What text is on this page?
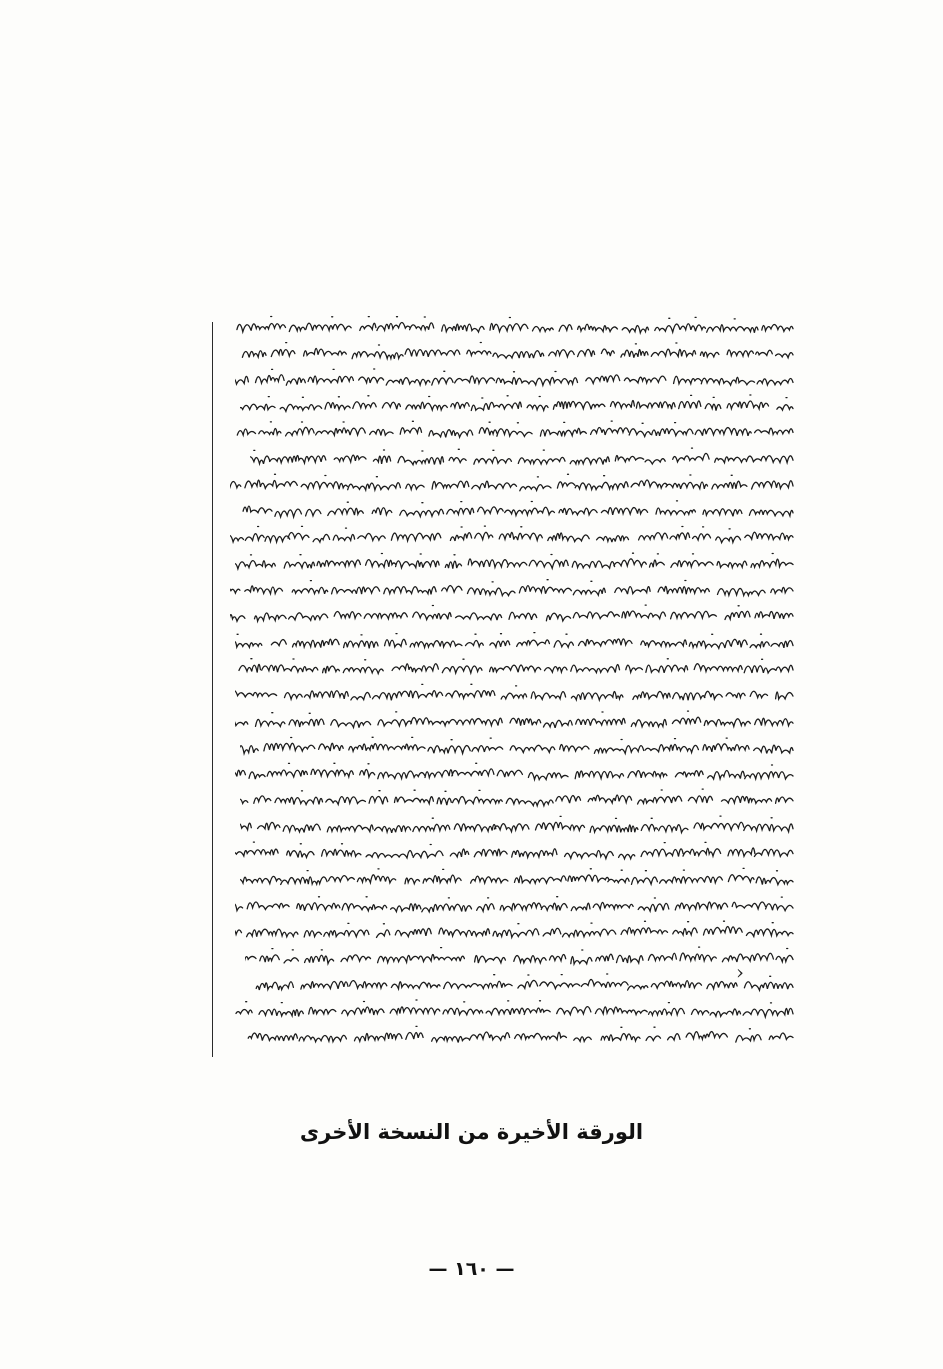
›
الورقة الأخيرة من النسخة الأخرى
— ١٦٠ —
